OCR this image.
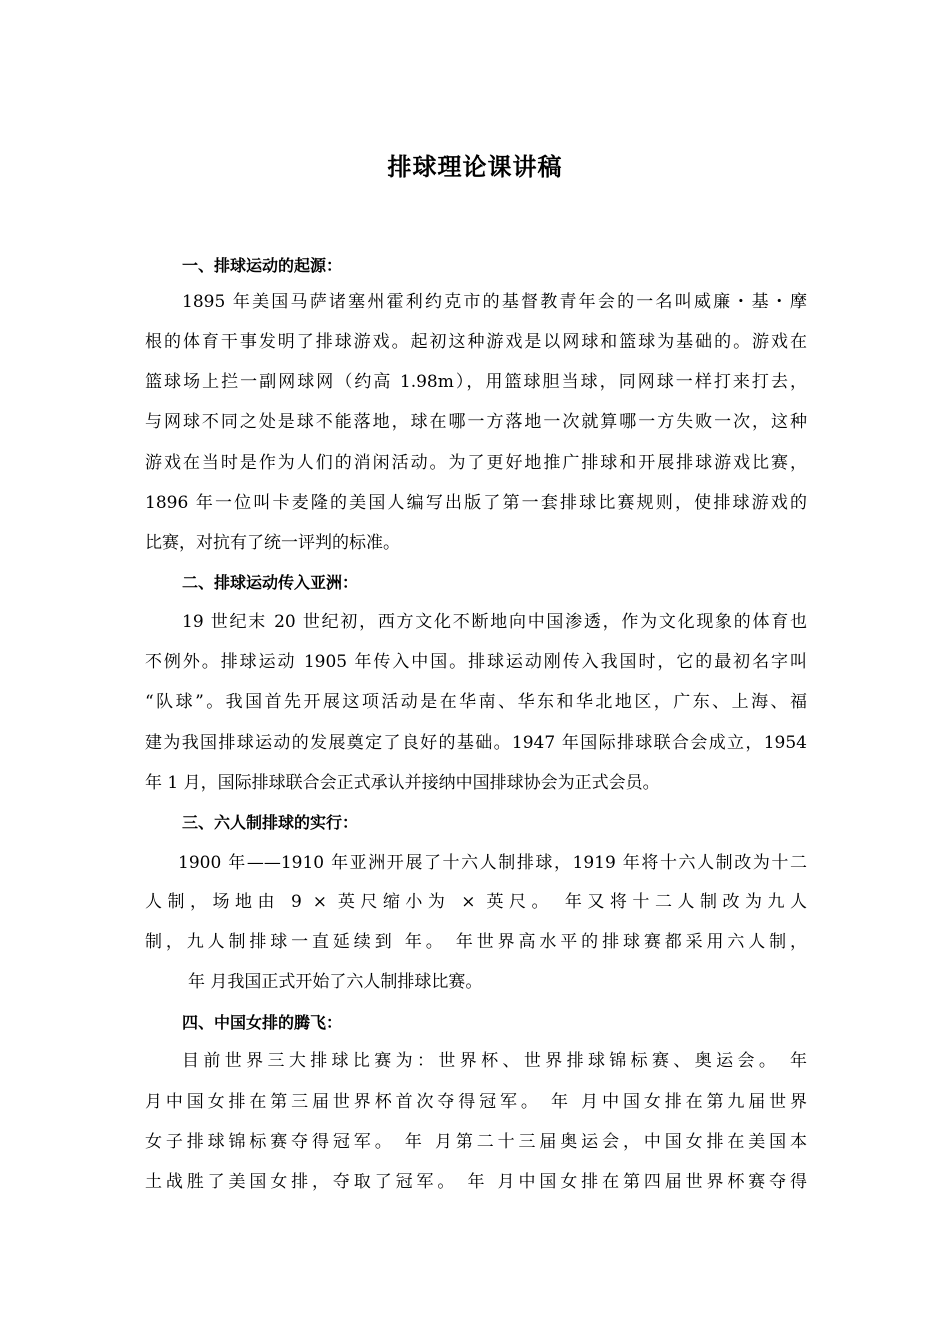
排球理论课讲稿
一、排球运动的起源：
1895 年美国马萨诸塞州霍利约克市的基督教青年会的一名叫威廉・基・摩
根的体育干事发明了排球游戏。起初这种游戏是以网球和篮球为基础的。游戏在
篮球场上拦一副网球网（约高 1.98m），用篮球胆当球，同网球一样打来打去，
与网球不同之处是球不能落地，球在哪一方落地一次就算哪一方失败一次，这种
游戏在当时是作为人们的消闲活动。为了更好地推广排球和开展排球游戏比赛，
1896 年一位叫卡麦隆的美国人编写出版了第一套排球比赛规则，使排球游戏的
比赛，对抗有了统一评判的标准。
二、排球运动传入亚洲：
19 世纪末 20 世纪初，西方文化不断地向中国渗透，作为文化现象的体育也
不例外。排球运动 1905 年传入中国。排球运动刚传入我国时，它的最初名字叫
“队球”。我国首先开展这项活动是在华南、华东和华北地区，广东、上海、福
建为我国排球运动的发展奠定了良好的基础。1947 年国际排球联合会成立，1954
年 1 月，国际排球联合会正式承认并接纳中国排球协会为正式会员。
三、六人制排球的实行：
1900 年——1910 年亚洲开展了十六人制排球，1919 年将十六人制改为十二
人制，场地由 9 × 英尺缩小为 × 英尺。 年又将十二人制改为九人
制，九人制排球一直延续到 年。 年世界高水平的排球赛都采用六人制，
年 月我国正式开始了六人制排球比赛。
四、中国女排的腾飞：
目前世界三大排球比赛为：世界杯、世界排球锦标赛、奥运会。 年
月中国女排在第三届世界杯首次夺得冠军。 年 月中国女排在第九届世界
女子排球锦标赛夺得冠军。 年 月第二十三届奥运会，中国女排在美国本
土战胜了美国女排，夺取了冠军。 年 月中国女排在第四届世界杯赛夺得
